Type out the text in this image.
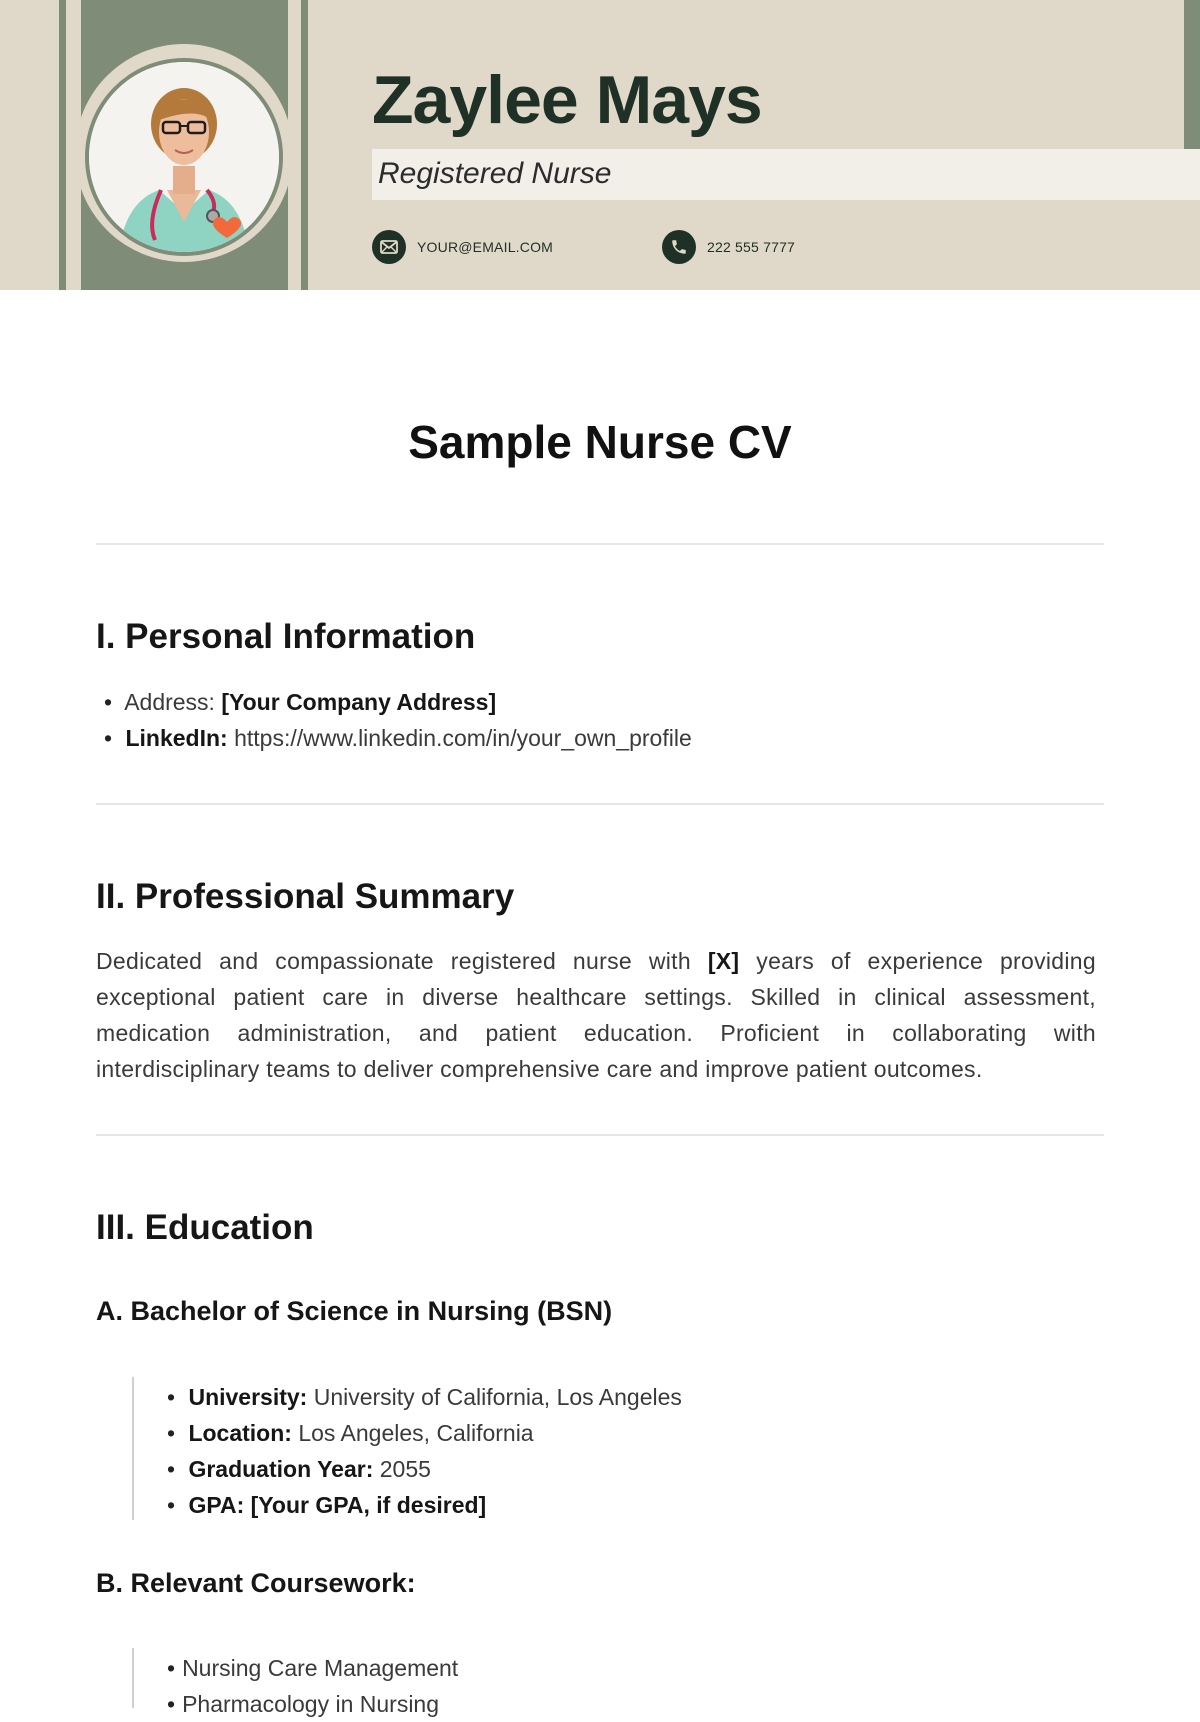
Zaylee Mays
Registered Nurse
YOUR@EMAIL.COM	222 555 7777
Sample Nurse CV
I. Personal Information
• Address: [Your Company Address]
• LinkedIn: https://www.linkedin.com/in/your_own_profile
II. Professional Summary

Dedicated and compassionate registered nurse with [X] years of experience providing exceptional patient care in diverse healthcare settings. Skilled in clinical assessment, medication administration, and patient education. Proficient in collaborating with interdisciplinary teams to deliver comprehensive care and improve patient outcomes.

III. Education
A. Bachelor of Science in Nursing (BSN)
• University: University of California, Los Angeles
• Location: Los Angeles, California
• Graduation Year: 2055
• GPA: [Your GPA, if desired]
B. Relevant Coursework:
• Nursing Care Management
• Pharmacology in Nursing
